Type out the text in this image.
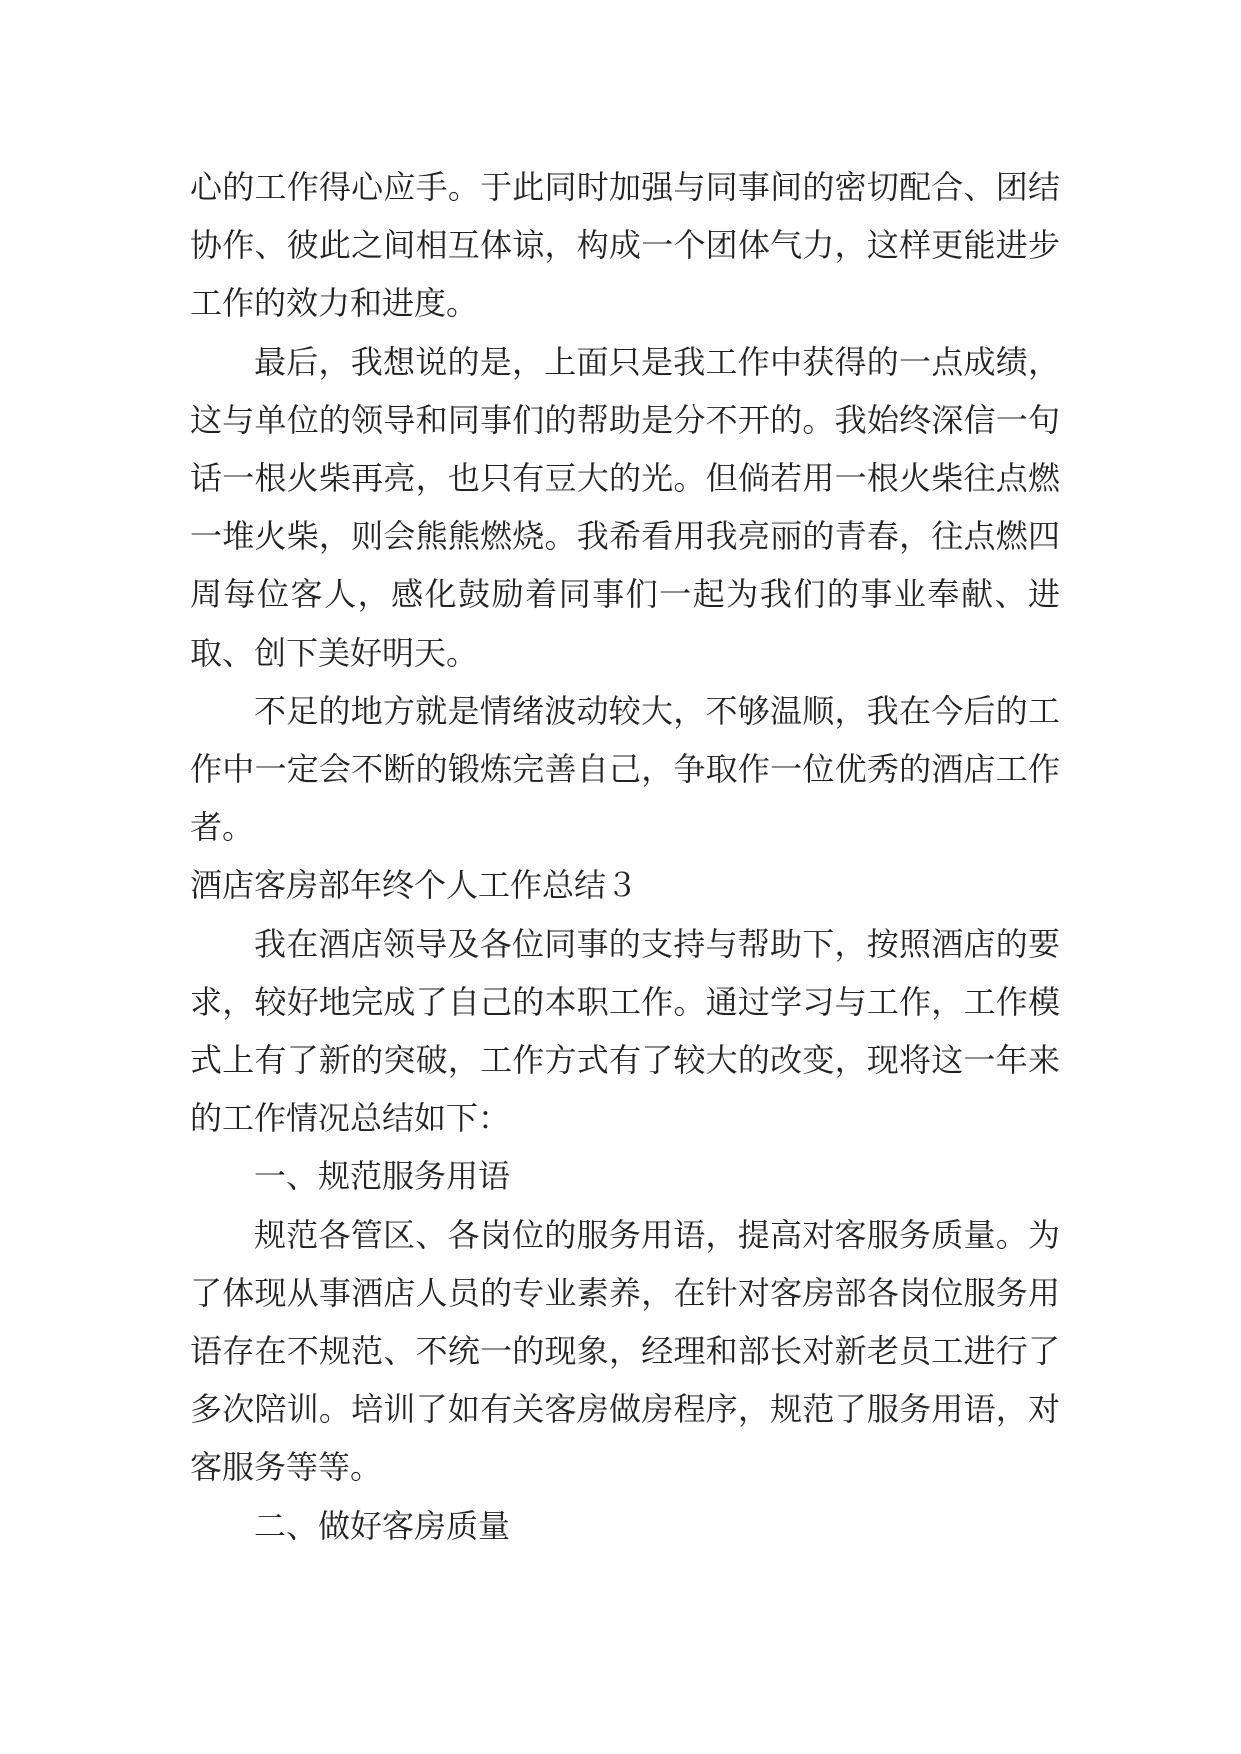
心的工作得心应手。于此同时加强与同事间的密切配合、团结协作、彼此之间相互体谅，构成一个团体气力，这样更能进步工作的效力和进度。

最后，我想说的是，上面只是我工作中获得的一点成绩，这与单位的领导和同事们的帮助是分不开的。我始终深信一句话一根火柴再亮，也只有豆大的光。但倘若用一根火柴往点燃一堆火柴，则会熊熊燃烧。我希看用我亮丽的青春，往点燃四周每位客人，感化鼓励着同事们一起为我们的事业奉献、进取、创下美好明天。

不足的地方就是情绪波动较大，不够温顺，我在今后的工作中一定会不断的锻炼完善自己，争取作一位优秀的酒店工作者。

酒店客房部年终个人工作总结３

我在酒店领导及各位同事的支持与帮助下，按照酒店的要求，较好地完成了自己的本职工作。通过学习与工作，工作模式上有了新的突破，工作方式有了较大的改变，现将这一年来的工作情况总结如下：

一、规范服务用语

规范各管区、各岗位的服务用语，提高对客服务质量。为了体现从事酒店人员的专业素养，在针对客房部各岗位服务用语存在不规范、不统一的现象，经理和部长对新老员工进行了多次陪训。培训了如有关客房做房程序，规范了服务用语，对客服务等等。

二、做好客房质量
